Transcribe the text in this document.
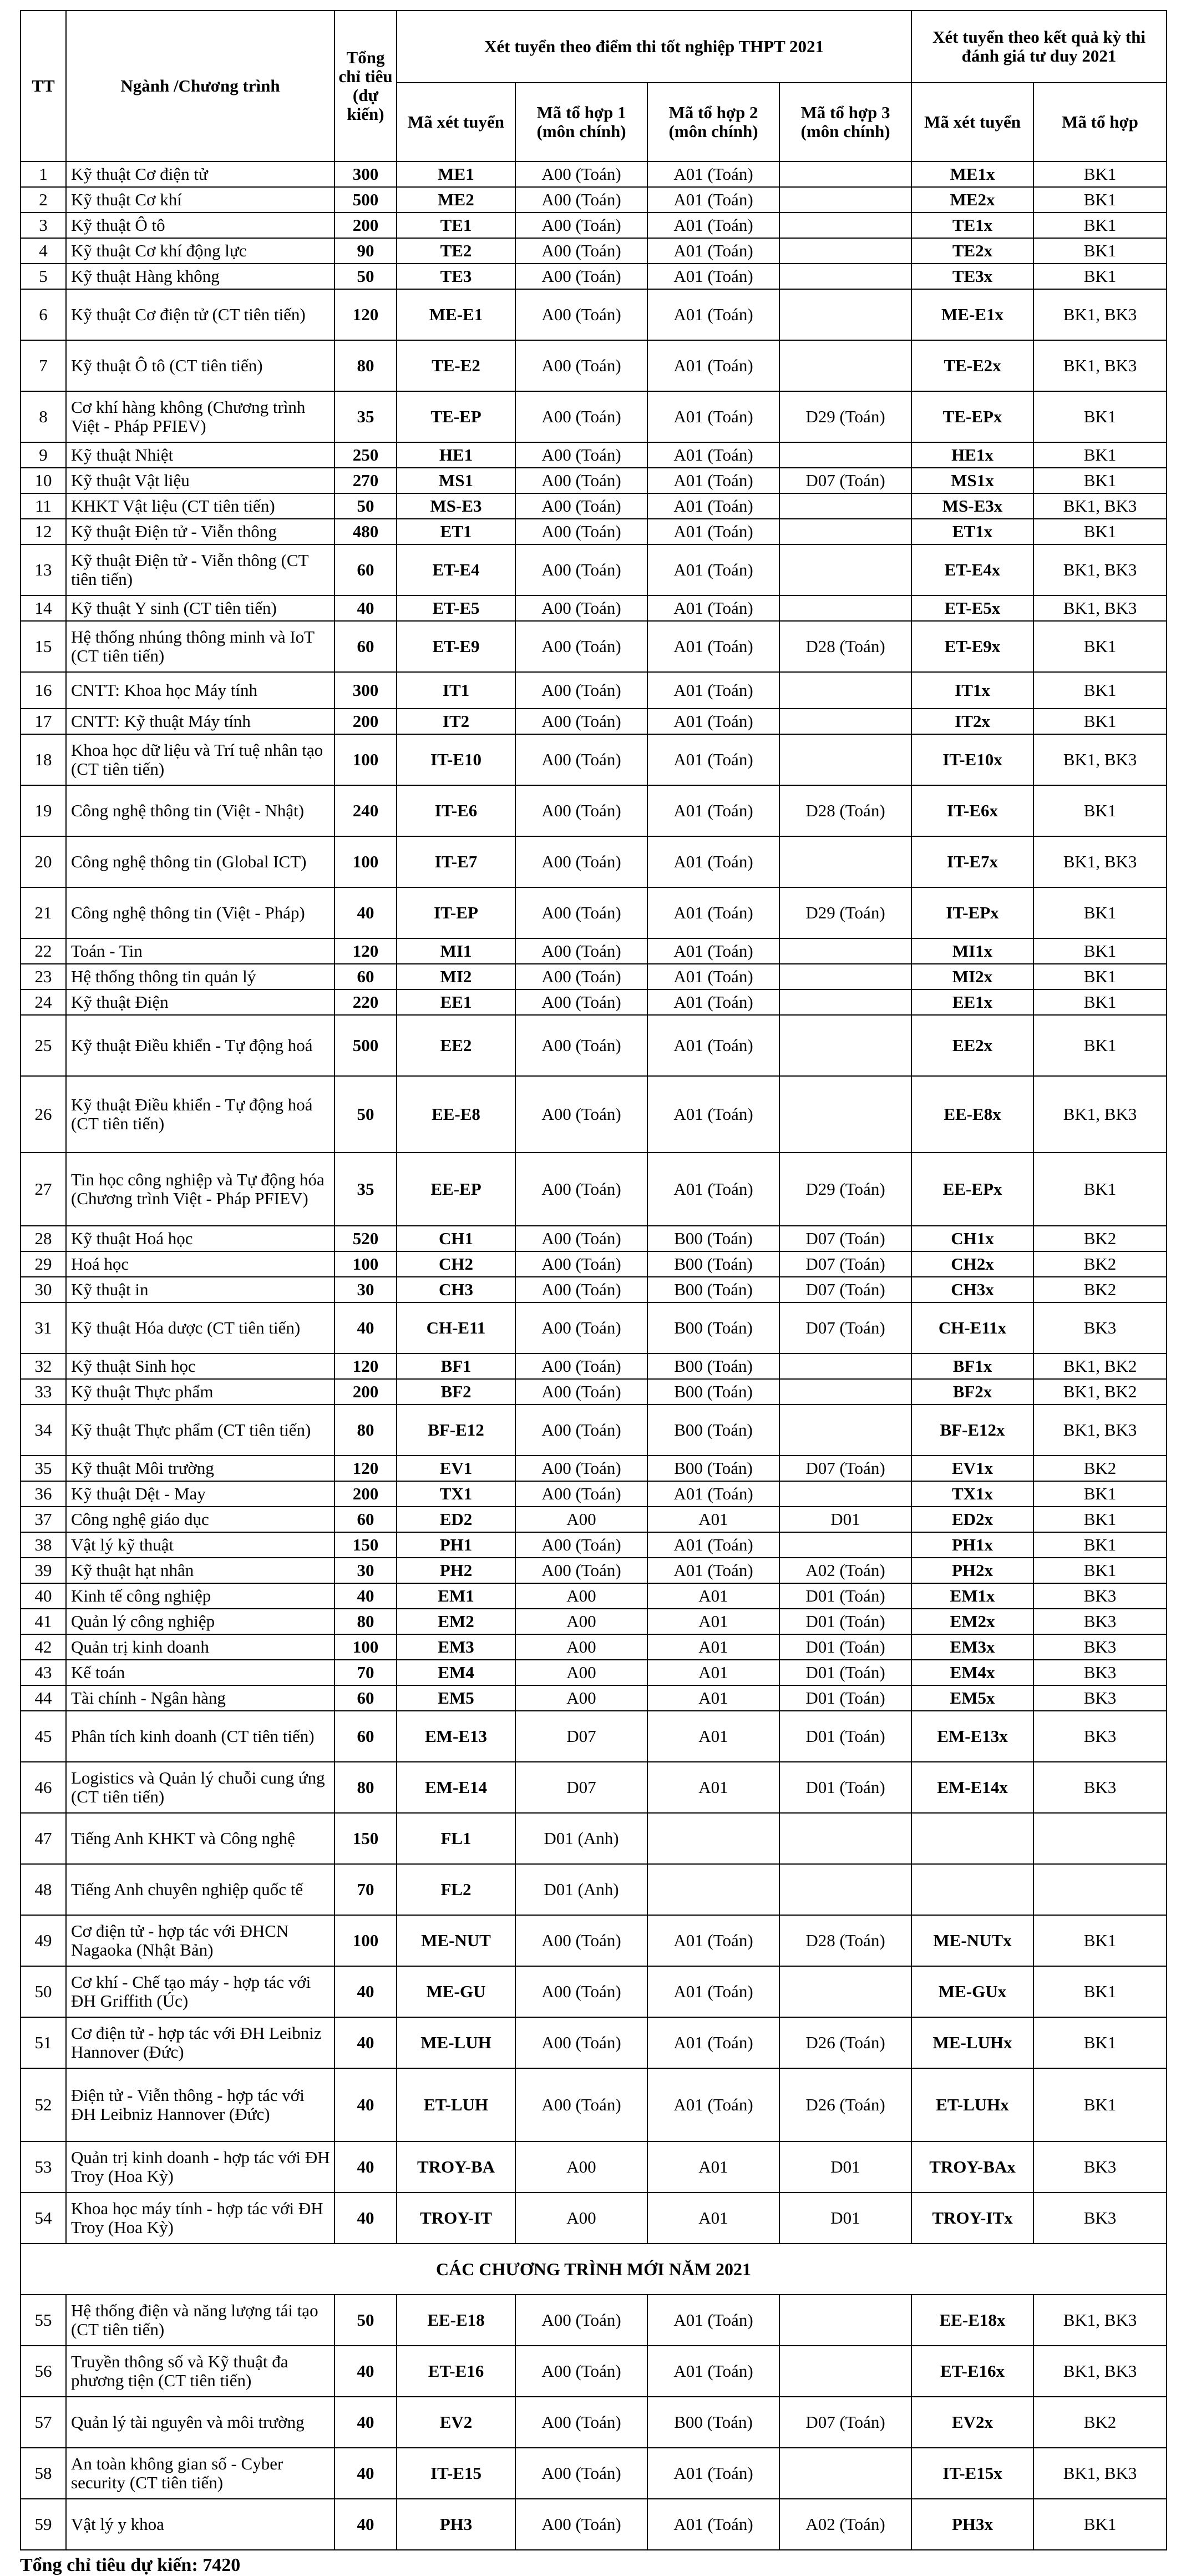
TT	Ngành /Chương trình	Tổng chỉ tiêu (dự kiến)	Xét tuyển theo điểm thi tốt nghiệp THPT 2021				Xét tuyển theo kết quả kỳ thi đánh giá tư duy 2021	
			Mã xét tuyển	Mã tổ hợp 1 (môn chính)	Mã tổ hợp 2 (môn chính)	Mã tổ hợp 3 (môn chính)	Mã xét tuyển	Mã tổ hợp
1	Kỹ thuật Cơ điện tử	300	ME1	A00 (Toán)	A01 (Toán)		ME1x	BK1
2	Kỹ thuật Cơ khí	500	ME2	A00 (Toán)	A01 (Toán)		ME2x	BK1
3	Kỹ thuật Ô tô	200	TE1	A00 (Toán)	A01 (Toán)		TE1x	BK1
4	Kỹ thuật Cơ khí động lực	90	TE2	A00 (Toán)	A01 (Toán)		TE2x	BK1
5	Kỹ thuật Hàng không	50	TE3	A00 (Toán)	A01 (Toán)		TE3x	BK1
6	Kỹ thuật Cơ điện tử (CT tiên tiến)	120	ME-E1	A00 (Toán)	A01 (Toán)		ME-E1x	BK1, BK3
7	Kỹ thuật Ô tô (CT tiên tiến)	80	TE-E2	A00 (Toán)	A01 (Toán)		TE-E2x	BK1, BK3
8	Cơ khí hàng không (Chương trình Việt - Pháp PFIEV)	35	TE-EP	A00 (Toán)	A01 (Toán)	D29 (Toán)	TE-EPx	BK1
9	Kỹ thuật Nhiệt	250	HE1	A00 (Toán)	A01 (Toán)		HE1x	BK1
10	Kỹ thuật Vật liệu	270	MS1	A00 (Toán)	A01 (Toán)	D07 (Toán)	MS1x	BK1
11	KHKT Vật liệu (CT tiên tiến)	50	MS-E3	A00 (Toán)	A01 (Toán)		MS-E3x	BK1, BK3
12	Kỹ thuật Điện tử - Viễn thông	480	ET1	A00 (Toán)	A01 (Toán)		ET1x	BK1
13	Kỹ thuật Điện tử - Viễn thông (CT tiên tiến)	60	ET-E4	A00 (Toán)	A01 (Toán)		ET-E4x	BK1, BK3
14	Kỹ thuật Y sinh (CT tiên tiến)	40	ET-E5	A00 (Toán)	A01 (Toán)		ET-E5x	BK1, BK3
15	Hệ thống nhúng thông minh và IoT (CT tiên tiến)	60	ET-E9	A00 (Toán)	A01 (Toán)	D28 (Toán)	ET-E9x	BK1
16	CNTT: Khoa học Máy tính	300	IT1	A00 (Toán)	A01 (Toán)		IT1x	BK1
17	CNTT: Kỹ thuật Máy tính	200	IT2	A00 (Toán)	A01 (Toán)		IT2x	BK1
18	Khoa học dữ liệu và Trí tuệ nhân tạo (CT tiên tiến)	100	IT-E10	A00 (Toán)	A01 (Toán)		IT-E10x	BK1, BK3
19	Công nghệ thông tin (Việt - Nhật)	240	IT-E6	A00 (Toán)	A01 (Toán)	D28 (Toán)	IT-E6x	BK1
20	Công nghệ thông tin (Global ICT)	100	IT-E7	A00 (Toán)	A01 (Toán)		IT-E7x	BK1, BK3
21	Công nghệ thông tin (Việt - Pháp)	40	IT-EP	A00 (Toán)	A01 (Toán)	D29 (Toán)	IT-EPx	BK1
22	Toán - Tin	120	MI1	A00 (Toán)	A01 (Toán)		MI1x	BK1
23	Hệ thống thông tin quản lý	60	MI2	A00 (Toán)	A01 (Toán)		MI2x	BK1
24	Kỹ thuật Điện	220	EE1	A00 (Toán)	A01 (Toán)		EE1x	BK1
25	Kỹ thuật Điều khiển - Tự động hoá	500	EE2	A00 (Toán)	A01 (Toán)		EE2x	BK1
26	Kỹ thuật Điều khiển - Tự động hoá (CT tiên tiến)	50	EE-E8	A00 (Toán)	A01 (Toán)		EE-E8x	BK1, BK3
27	Tin học công nghiệp và Tự động hóa (Chương trình Việt - Pháp PFIEV)	35	EE-EP	A00 (Toán)	A01 (Toán)	D29 (Toán)	EE-EPx	BK1
28	Kỹ thuật Hoá học	520	CH1	A00 (Toán)	B00 (Toán)	D07 (Toán)	CH1x	BK2
29	Hoá học	100	CH2	A00 (Toán)	B00 (Toán)	D07 (Toán)	CH2x	BK2
30	Kỹ thuật in	30	CH3	A00 (Toán)	B00 (Toán)	D07 (Toán)	CH3x	BK2
31	Kỹ thuật Hóa dược (CT tiên tiến)	40	CH-E11	A00 (Toán)	B00 (Toán)	D07 (Toán)	CH-E11x	BK3
32	Kỹ thuật Sinh học	120	BF1	A00 (Toán)	B00 (Toán)		BF1x	BK1, BK2
33	Kỹ thuật Thực phẩm	200	BF2	A00 (Toán)	B00 (Toán)		BF2x	BK1, BK2
34	Kỹ thuật Thực phẩm (CT tiên tiến)	80	BF-E12	A00 (Toán)	B00 (Toán)		BF-E12x	BK1, BK3
35	Kỹ thuật Môi trường	120	EV1	A00 (Toán)	B00 (Toán)	D07 (Toán)	EV1x	BK2
36	Kỹ thuật Dệt - May	200	TX1	A00 (Toán)	A01 (Toán)		TX1x	BK1
37	Công nghệ giáo dục	60	ED2	A00	A01	D01	ED2x	BK1
38	Vật lý kỹ thuật	150	PH1	A00 (Toán)	A01 (Toán)		PH1x	BK1
39	Kỹ thuật hạt nhân	30	PH2	A00 (Toán)	A01 (Toán)	A02 (Toán)	PH2x	BK1
40	Kinh tế công nghiệp	40	EM1	A00	A01	D01 (Toán)	EM1x	BK3
41	Quản lý công nghiệp	80	EM2	A00	A01	D01 (Toán)	EM2x	BK3
42	Quản trị kinh doanh	100	EM3	A00	A01	D01 (Toán)	EM3x	BK3
43	Kế toán	70	EM4	A00	A01	D01 (Toán)	EM4x	BK3
44	Tài chính - Ngân hàng	60	EM5	A00	A01	D01 (Toán)	EM5x	BK3
45	Phân tích kinh doanh (CT tiên tiến)	60	EM-E13	D07	A01	D01 (Toán)	EM-E13x	BK3
46	Logistics và Quản lý chuỗi cung ứng (CT tiên tiến)	80	EM-E14	D07	A01	D01 (Toán)	EM-E14x	BK3
47	Tiếng Anh KHKT và Công nghệ	150	FL1	D01 (Anh)				
48	Tiếng Anh chuyên nghiệp quốc tế	70	FL2	D01 (Anh)				
49	Cơ điện tử - hợp tác với ĐHCN Nagaoka (Nhật Bản)	100	ME-NUT	A00 (Toán)	A01 (Toán)	D28 (Toán)	ME-NUTx	BK1
50	Cơ khí - Chế tạo máy - hợp tác với ĐH Griffith (Úc)	40	ME-GU	A00 (Toán)	A01 (Toán)		ME-GUx	BK1
51	Cơ điện tử - hợp tác với ĐH Leibniz Hannover (Đức)	40	ME-LUH	A00 (Toán)	A01 (Toán)	D26 (Toán)	ME-LUHx	BK1
52	Điện tử - Viễn thông - hợp tác với ĐH Leibniz Hannover (Đức)	40	ET-LUH	A00 (Toán)	A01 (Toán)	D26 (Toán)	ET-LUHx	BK1
53	Quản trị kinh doanh - hợp tác với ĐH Troy (Hoa Kỳ)	40	TROY-BA	A00	A01	D01	TROY-BAx	BK3
54	Khoa học máy tính - hợp tác với ĐH Troy (Hoa Kỳ)	40	TROY-IT	A00	A01	D01	TROY-ITx	BK3
CÁC CHƯƠNG TRÌNH MỚI NĂM 2021								
55	Hệ thống điện và năng lượng tái tạo (CT tiên tiến)	50	EE-E18	A00 (Toán)	A01 (Toán)		EE-E18x	BK1, BK3
56	Truyền thông số và Kỹ thuật đa phương tiện (CT tiên tiến)	40	ET-E16	A00 (Toán)	A01 (Toán)		ET-E16x	BK1, BK3
57	Quản lý tài nguyên và môi trường	40	EV2	A00 (Toán)	B00 (Toán)	D07 (Toán)	EV2x	BK2
58	An toàn không gian số - Cyber security (CT tiên tiến)	40	IT-E15	A00 (Toán)	A01 (Toán)		IT-E15x	BK1, BK3
59	Vật lý y khoa	40	PH3	A00 (Toán)	A01 (Toán)	A02 (Toán)	PH3x	BK1
Tổng chỉ tiêu dự kiến: 7420
